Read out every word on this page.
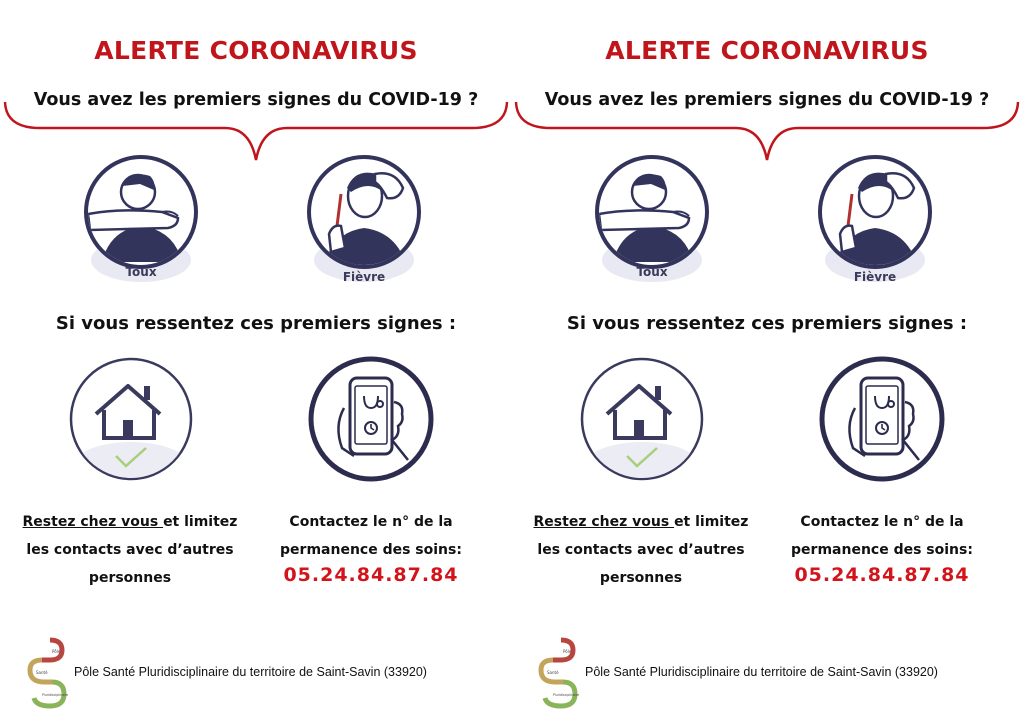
ALERTE CORONAVIRUS
Vous avez les premiers signes du COVID-19 ?
Toux	Fièvre
Si vous ressentez ces premiers signes :
Restez chez vous et limitez
les contacts avec d’autres
personnes
Contactez le n° de la
permanence des soins:
05.24.84.87.84
Pôle
Santé
Pluridisciplinaire
Pôle Santé Pluridisciplinaire du territoire de Saint-Savin (33920)
ALERTE CORONAVIRUS
Vous avez les premiers signes du COVID-19 ?
Toux	Fièvre
Si vous ressentez ces premiers signes :
Restez chez vous et limitez
les contacts avec d’autres
personnes
Contactez le n° de la
permanence des soins:
05.24.84.87.84
Pôle
Santé
Pluridisciplinaire
Pôle Santé Pluridisciplinaire du territoire de Saint-Savin (33920)
